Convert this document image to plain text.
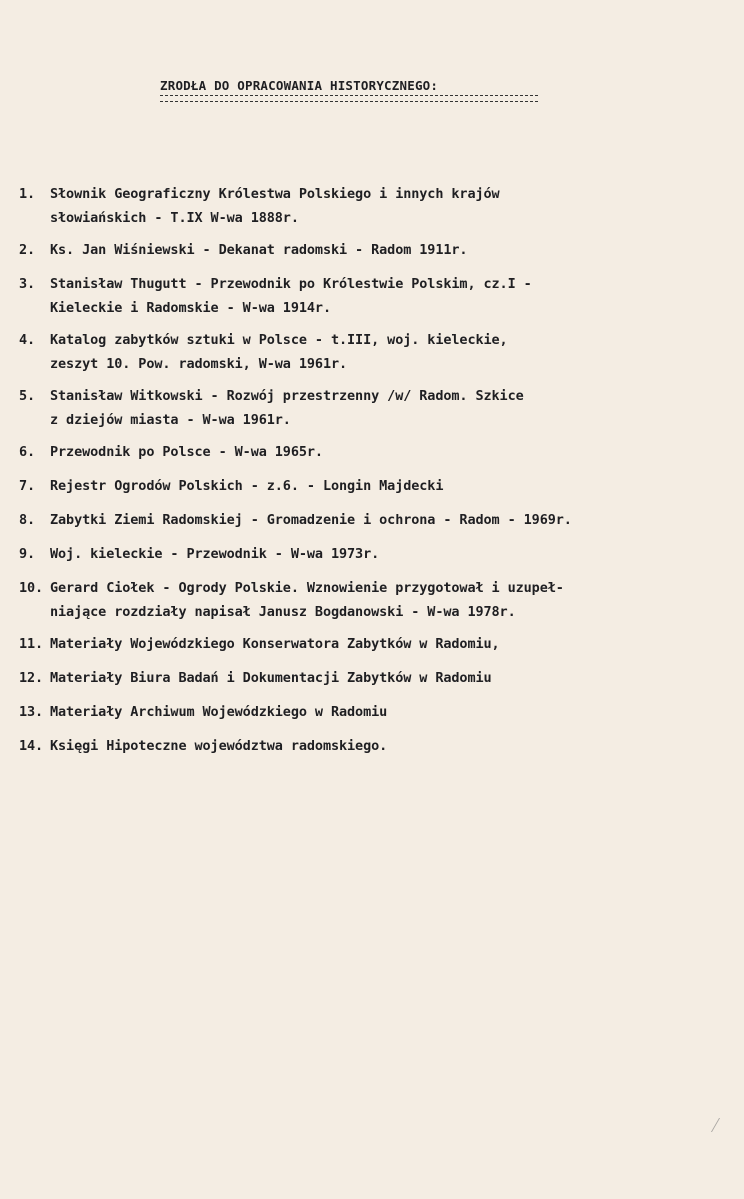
ZRODŁA DO OPRACOWANIA HISTORYCZNEGO:
1.	Słownik Geograficzny Królestwa Polskiego i innych krajów
słowiańskich - T.IX W-wa 1888r.
2.	Ks. Jan Wiśniewski - Dekanat radomski - Radom 1911r.
3.	Stanisław Thugutt - Przewodnik po Królestwie Polskim, cz.I -
Kieleckie i Radomskie - W-wa 1914r.
4.	Katalog zabytków sztuki w Polsce - t.III, woj. kieleckie,
zeszyt 10. Pow. radomski, W-wa 1961r.
5.	Stanisław Witkowski - Rozwój przestrzenny /w/ Radom. Szkice
z dziejów miasta - W-wa 1961r.
6.	Przewodnik po Polsce - W-wa 1965r.
7.	Rejestr Ogrodów Polskich - z.6. - Longin Majdecki
8.	Zabytki Ziemi Radomskiej - Gromadzenie i ochrona - Radom - 1969r.
9.	Woj. kieleckie - Przewodnik - W-wa 1973r.
10. Gerard Ciołek - Ogrody Polskie. Wznowienie przygotował i uzupeł-
niające rozdziały napisał Janusz Bogdanowski - W-wa 1978r.
11. Materiały Wojewódzkiego Konserwatora Zabytków w Radomiu,
12. Materiały Biura Badań i Dokumentacji Zabytków w Radomiu
13. Materiały Archiwum Wojewódzkiego w Radomiu
14. Księgi Hipoteczne województwa radomskiego.
